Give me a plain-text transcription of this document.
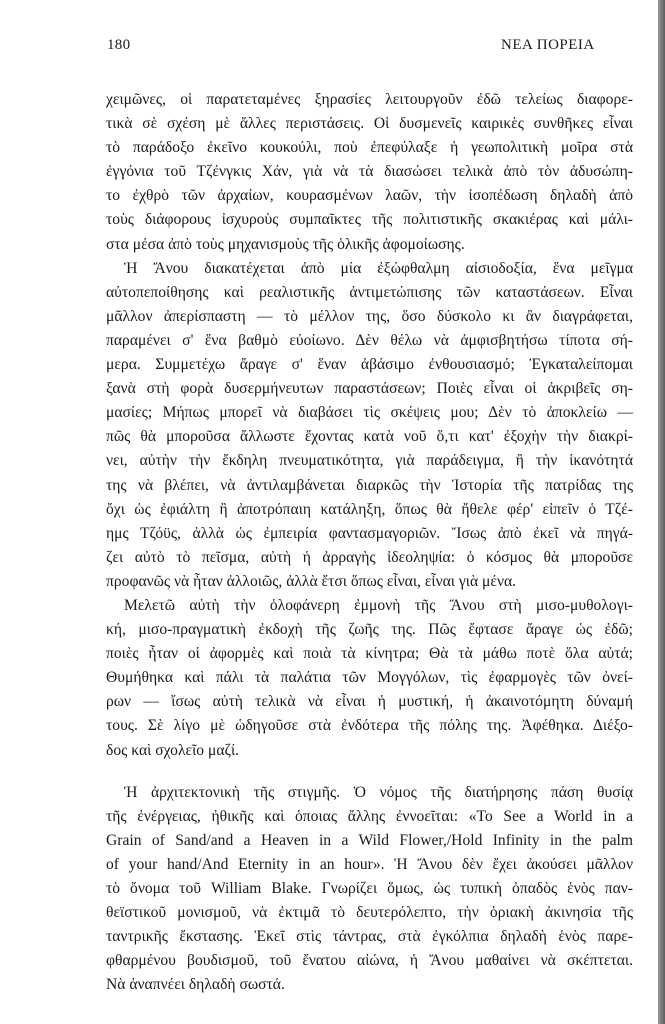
180	ΝΕΑ ΠΟΡΕΙΑ
χειμῶνες, οἱ παρατεταμένες ξηρασίες λειτουργοῦν ἐδῶ τελείως διαφορε-
τικὰ σὲ σχέση μὲ ἄλλες περιστάσεις. Οἱ δυσμενεῖς καιρικὲς συνθῆκες εἶναι
τὸ παράδοξο ἐκεῖνο κουκούλι, ποὺ ἐπεφύλαξε ἡ γεωπολιτικὴ μοῖρα στὰ
ἐγγόνια τοῦ Τζένγκις Χάν, γιὰ νὰ τὰ διασώσει τελικὰ ἀπὸ τὸν ἀδυσώπη-
το ἐχθρὸ τῶν ἀρχαίων, κουρασμένων λαῶν, τὴν ἰσοπέδωση δηλαδὴ ἀπὸ
τοὺς διάφορους ἰσχυροὺς συμπαῖκτες τῆς πολιτιστικῆς σκακιέρας καὶ μάλι-
στα μέσα ἀπὸ τοὺς μηχανισμοὺς τῆς ὁλικῆς ἀφομοίωσης.
Ἡ Ἄνου διακατέχεται ἀπὸ μία ἐξώφθαλμη αἰσιοδοξία, ἕνα μεῖγμα
αὐτοπεποίθησης καὶ ρεαλιστικῆς ἀντιμετώπισης τῶν καταστάσεων. Εἶναι
μᾶλλον ἀπερίσπαστη — τὸ μέλλον της, ὅσο δύσκολο κι ἂν διαγράφεται,
παραμένει σ' ἕνα βαθμὸ εὐοίωνο. Δὲν θέλω νὰ ἀμφισβητήσω τίποτα σή-
μερα. Συμμετέχω ἄραγε σ' ἕναν ἀβάσιμο ἐνθουσιασμό; Ἐγκαταλείπομαι
ξανὰ στὴ φορὰ δυσερμήνευτων παραστάσεων; Ποιὲς εἶναι οἱ ἀκριβεῖς ση-
μασίες; Μήπως μπορεῖ νὰ διαβάσει τὶς σκέψεις μου; Δὲν τὸ ἀποκλείω —
πῶς θὰ μποροῦσα ἄλλωστε ἔχοντας κατὰ νοῦ ὅ,τι κατ' ἐξοχὴν τὴν διακρί-
νει, αὐτὴν τὴν ἔκδηλη πνευματικότητα, γιὰ παράδειγμα, ἢ τὴν ἱκανότητά
της νὰ βλέπει, νὰ ἀντιλαμβάνεται διαρκῶς τὴν Ἱστορία τῆς πατρίδας της
ὄχι ὡς ἐφιάλτη ἢ ἀποτρόπαιη κατάληξη, ὅπως θὰ ἤθελε φέρ' εἰπεῖν ὁ Τζέ-
ημς Τζόϋς, ἀλλὰ ὡς ἐμπειρία φαντασμαγοριῶν. Ἴσως ἀπὸ ἐκεῖ νὰ πηγά-
ζει αὐτὸ τὸ πεῖσμα, αὐτὴ ἡ ἀρραγὴς ἰδεοληψία: ὁ κόσμος θὰ μποροῦσε
προφανῶς νὰ ἦταν ἀλλοιῶς, ἀλλὰ ἔτσι ὅπως εἶναι, εἶναι γιὰ μένα.
Μελετῶ αὐτὴ τὴν ὁλοφάνερη ἐμμονὴ τῆς Ἄνου στὴ μισο-μυθολογι-
κή, μισο-πραγματικὴ ἐκδοχὴ τῆς ζωῆς της. Πῶς ἔφτασε ἄραγε ὡς ἐδῶ;
ποιὲς ἦταν οἱ ἀφορμὲς καὶ ποιὰ τὰ κίνητρα; Θὰ τὰ μάθω ποτὲ ὅλα αὐτά;
Θυμήθηκα καὶ πάλι τὰ παλάτια τῶν Μογγόλων, τὶς ἐφαρμογὲς τῶν ὀνεί-
ρων — ἴσως αὐτὴ τελικὰ νὰ εἶναι ἡ μυστική, ἡ ἀκαινοτόμητη δύναμή
τους. Σὲ λίγο μὲ ὡδηγοῦσε στὰ ἐνδότερα τῆς πόλης της. Ἀφέθηκα. Διέξο-
δος καὶ σχολεῖο μαζί.
Ἡ ἀρχιτεκτονικὴ τῆς στιγμῆς. Ὁ νόμος τῆς διατήρησης πάση θυσίᾳ
τῆς ἐνέργειας, ἠθικῆς καὶ ὁποιας ἄλλης ἐννοεῖται: «To See a World in a
Grain of Sand/and a Heaven in a Wild Flower,/Hold Infinity in the palm
of your hand/And Eternity in an hour». Ἡ Ἄνου δὲν ἔχει ἀκούσει μᾶλλον
τὸ ὄνομα τοῦ William Blake. Γνωρίζει ὅμως, ὡς τυπικὴ ὀπαδὸς ἑνὸς παν-
θεϊστικοῦ μονισμοῦ, νὰ ἐκτιμᾶ τὸ δευτερόλεπτο, τὴν ὁριακὴ ἀκινησία τῆς
ταντρικῆς ἔκστασης. Ἐκεῖ στὶς τάντρας, στὰ ἐγκόλπια δηλαδὴ ἑνὸς παρε-
φθαρμένου βουδισμοῦ, τοῦ ἔνατου αἰώνα, ἡ Ἄνου μαθαίνει νὰ σκέπτεται.
Νὰ ἀναπνέει δηλαδὴ σωστά.
